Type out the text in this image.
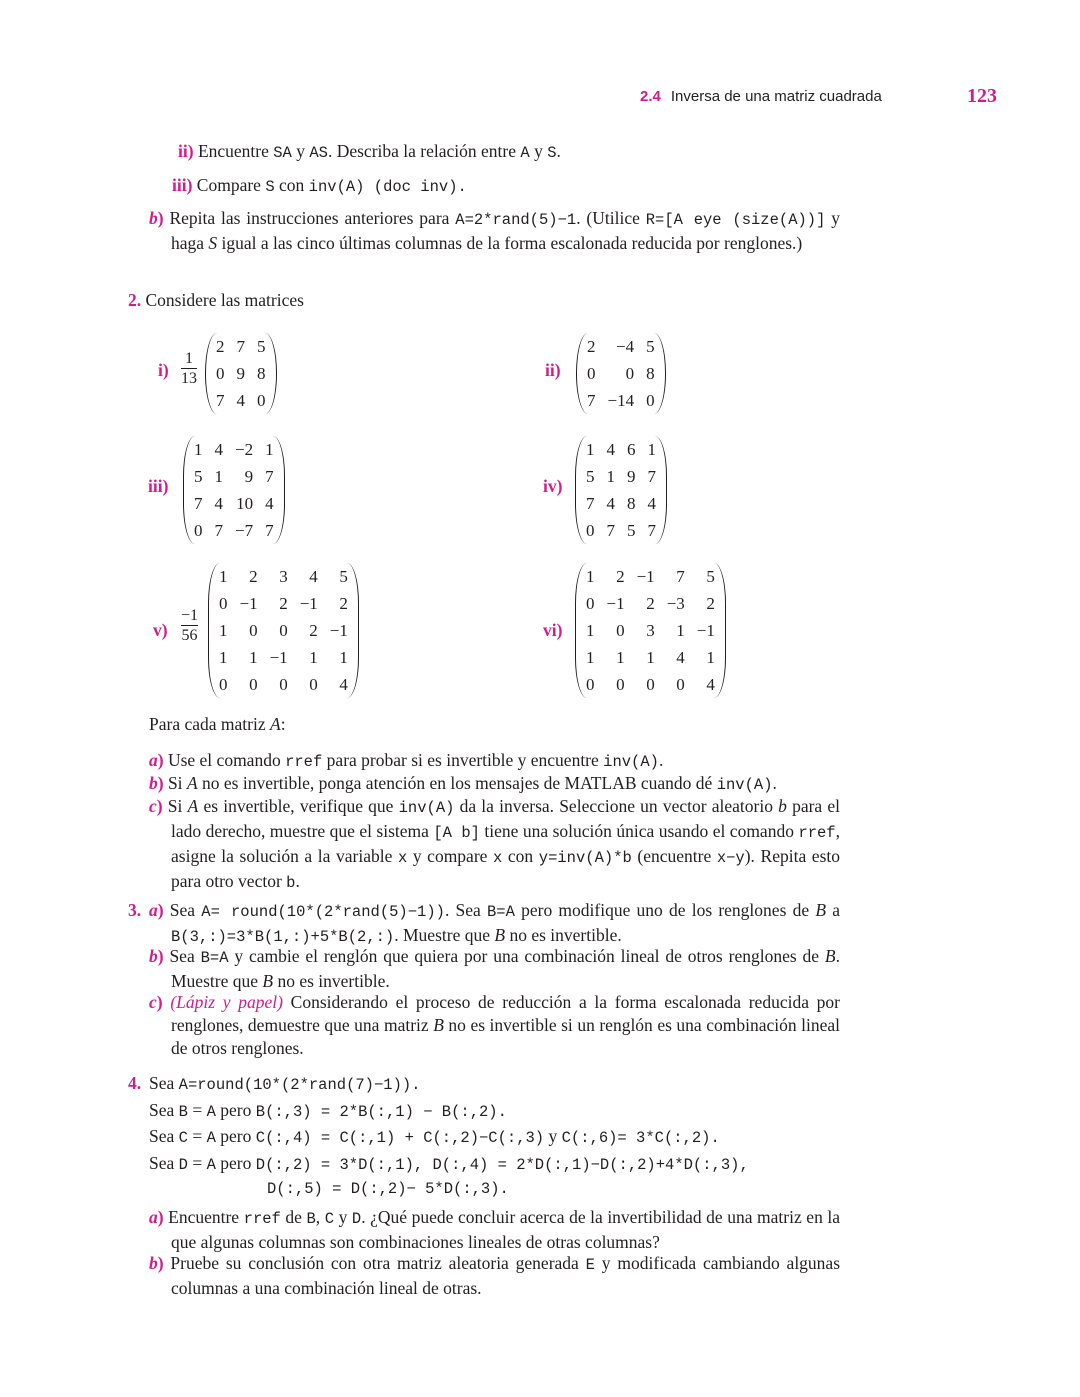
2.4 Inversa de una matriz cuadrada	123
ii) Encuentre SA y AS. Describa la relación entre A y S.
iii) Compare S con inv(A) (doc inv).
b) Repita las instrucciones anteriores para A=2*rand(5)−1. (Utilice R=[A eye (size(A))] y haga S igual a las cinco últimas columnas de la forma escalonada reducida por renglones.)
2. Considere las matrices
$i) \frac{1}{13}$
2	7	5
0	9	8
7	4	0
ii)
2	−4	5
0	0	8
7	−14	0
iii)
1	4	−2	1
5	1	9	7
7	4	10	4
0	7	−7	7
iv)
1	4	6	1
5	1	9	7
7	4	8	4
0	7	5	7
$v) \frac{-1}{56}$
1	2	3	4	5
0	−1	2	−1	2
1	0	0	2	−1
1	1	−1	1	1
0	0	0	0	4
vi)
1	2	−1	7	5
0	−1	2	−3	2
1	0	3	1	−1
1	1	1	4	1
0	0	0	0	4
Para cada matriz A:
a) Use el comando rref para probar si es invertible y encuentre inv(A).
b) Si A no es invertible, ponga atención en los mensajes de MATLAB cuando dé inv(A).
c) Si A es invertible, verifique que inv(A) da la inversa. Seleccione un vector aleatorio b para el lado derecho, muestre que el sistema [A b] tiene una solución única usando el comando rref, asigne la solución a la variable x y compare x con y=inv(A)*b (encuentre x−y). Repita esto para otro vector b.
3. a) Sea A= round(10*(2*rand(5)−1)). Sea B=A pero modifique uno de los renglones de B a B(3,:)=3*B(1,:)+5*B(2,:). Muestre que B no es invertible.
b) Sea B=A y cambie el renglón que quiera por una combinación lineal de otros renglones de B. Muestre que B no es invertible.
c) (Lápiz y papel) Considerando el proceso de reducción a la forma escalonada reducida por renglones, demuestre que una matriz B no es invertible si un renglón es una combinación lineal de otros renglones.
4. Sea A=round(10*(2*rand(7)−1)).
Sea B = A pero B(:,3) = 2*B(:,1) − B(:,2).
Sea C = A pero C(:,4) = C(:,1) + C(:,2)−C(:,3) y C(:,6)= 3*C(:,2).
Sea D = A pero D(:,2) = 3*D(:,1), D(:,4) = 2*D(:,1)−D(:,2)+4*D(:,3),
D(:,5) = D(:,2)− 5*D(:,3).
a) Encuentre rref de B, C y D. ¿Qué puede concluir acerca de la invertibilidad de una matriz en la que algunas columnas son combinaciones lineales de otras columnas?
b) Pruebe su conclusión con otra matriz aleatoria generada E y modificada cambiando algunas columnas a una combinación lineal de otras.
